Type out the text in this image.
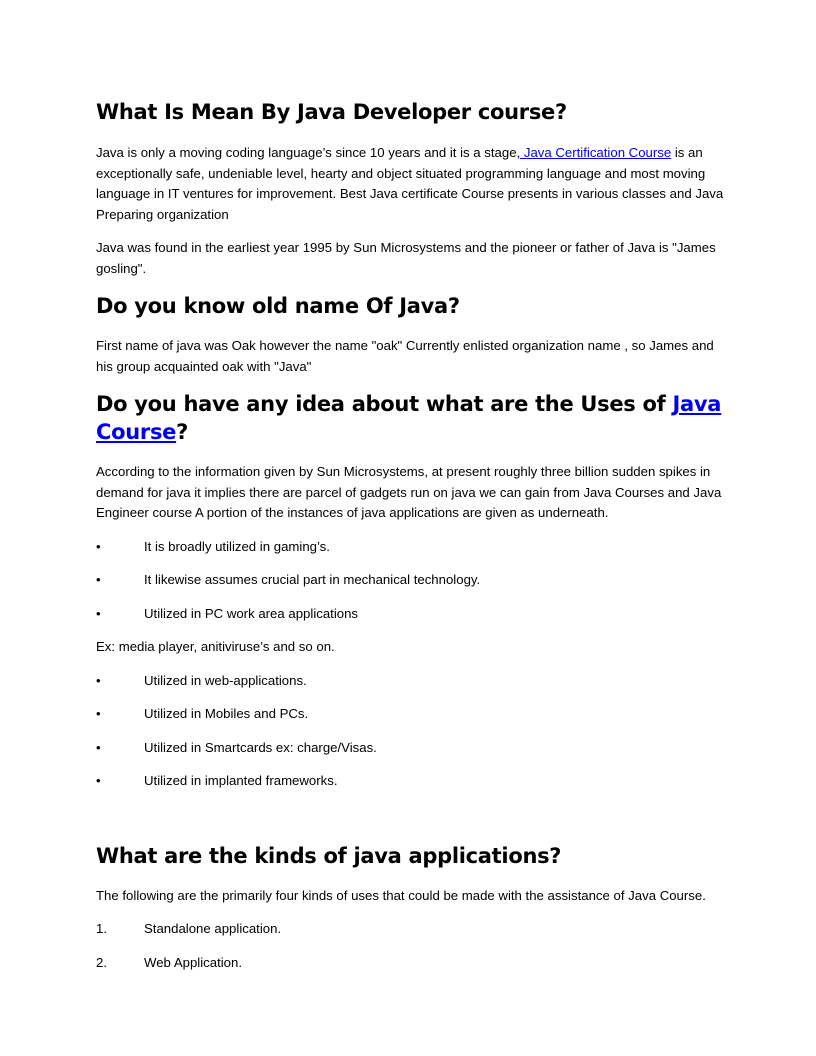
What Is Mean By Java Developer course?

Java is only a moving coding language’s since 10 years and it is a stage, Java Certification Course is an exceptionally safe, undeniable level, hearty and object situated programming language and most moving language in IT ventures for improvement. Best Java certificate Course presents in various classes and Java Preparing organization

Java was found in the earliest year 1995 by Sun Microsystems and the pioneer or father of Java is "James gosling".

Do you know old name Of Java?

First name of java was Oak however the name "oak" Currently enlisted organization name , so James and his group acquainted oak with "Java"

Do you have any idea about what are the Uses of Java Course?

According to the information given by Sun Microsystems, at present roughly three billion sudden spikes in demand for java it implies there are parcel of gadgets run on java we can gain from Java Courses and Java Engineer course A portion of the instances of java applications are given as underneath.

•	It is broadly utilized in gaming’s.
•	It likewise assumes crucial part in mechanical technology.
•	Utilized in PC work area applications

Ex: media player, anitiviruse’s and so on.

•	Utilized in web-applications.
•	Utilized in Mobiles and PCs.
•	Utilized in Smartcards ex: charge/Visas.
•	Utilized in implanted frameworks.
What are the kinds of java applications?

The following are the primarily four kinds of uses that could be made with the assistance of Java Course.

1.	Standalone application.
2.	Web Application.
